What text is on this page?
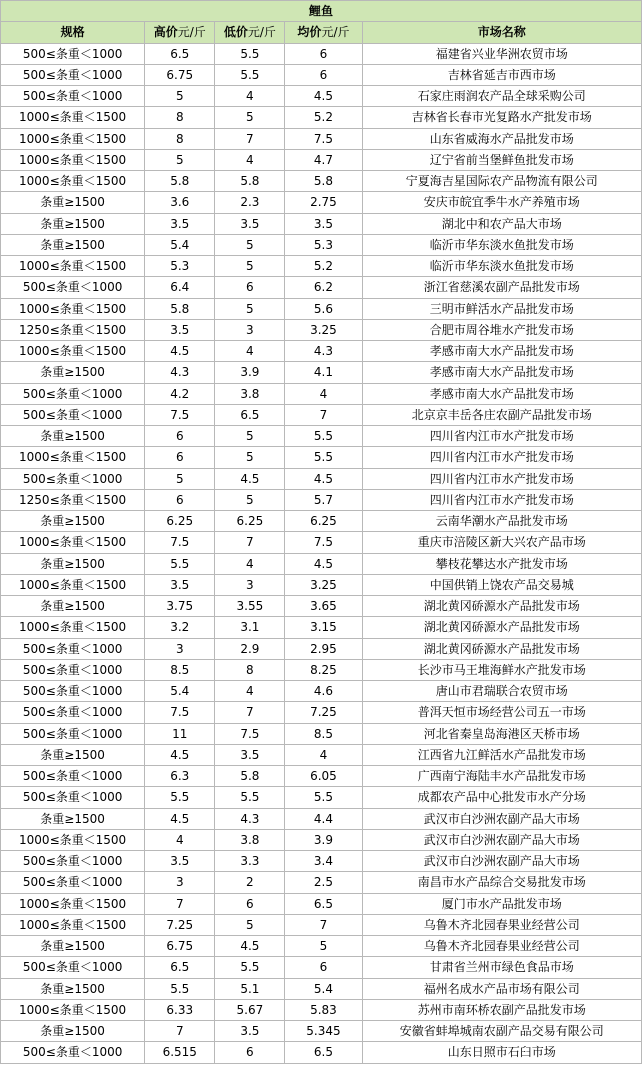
鲤鱼				
规格	高价元/斤	低价元/斤	均价元/斤	市场名称
500≤条重＜1000	6.5	5.5	6	福建省兴业华洲农贸市场
500≤条重＜1000	6.75	5.5	6	吉林省延吉市西市场
500≤条重＜1000	5	4	4.5	石家庄雨润农产品全球采购公司
1000≤条重＜1500	8	5	5.2	吉林省长春市光复路水产批发市场
1000≤条重＜1500	8	7	7.5	山东省威海水产品批发市场
1000≤条重＜1500	5	4	4.7	辽宁省前当堡鲜鱼批发市场
1000≤条重＜1500	5.8	5.8	5.8	宁夏海吉星国际农产品物流有限公司
条重≥1500	3.6	2.3	2.75	安庆市皖宜季牛水产养殖市场
条重≥1500	3.5	3.5	3.5	湖北中和农产品大市场
条重≥1500	5.4	5	5.3	临沂市华东淡水鱼批发市场
1000≤条重＜1500	5.3	5	5.2	临沂市华东淡水鱼批发市场
500≤条重＜1000	6.4	6	6.2	浙江省慈溪农副产品批发市场
1000≤条重＜1500	5.8	5	5.6	三明市鲜活水产品批发市场
1250≤条重＜1500	3.5	3	3.25	合肥市周谷堆水产批发市场
1000≤条重＜1500	4.5	4	4.3	孝感市南大水产品批发市场
条重≥1500	4.3	3.9	4.1	孝感市南大水产品批发市场
500≤条重＜1000	4.2	3.8	4	孝感市南大水产品批发市场
500≤条重＜1000	7.5	6.5	7	北京京丰岳各庄农副产品批发市场
条重≥1500	6	5	5.5	四川省内江市水产批发市场
1000≤条重＜1500	6	5	5.5	四川省内江市水产批发市场
500≤条重＜1000	5	4.5	4.5	四川省内江市水产批发市场
1250≤条重＜1500	6	5	5.7	四川省内江市水产批发市场
条重≥1500	6.25	6.25	6.25	云南华潮水产品批发市场
1000≤条重＜1500	7.5	7	7.5	重庆市涪陵区新大兴农产品市场
条重≥1500	5.5	4	4.5	攀枝花攀达水产批发市场
1000≤条重＜1500	3.5	3	3.25	中国供销上饶农产品交易城
条重≥1500	3.75	3.55	3.65	湖北黄冈硚源水产品批发市场
1000≤条重＜1500	3.2	3.1	3.15	湖北黄冈硚源水产品批发市场
500≤条重＜1000	3	2.9	2.95	湖北黄冈硚源水产品批发市场
500≤条重＜1000	8.5	8	8.25	长沙市马王堆海鲜水产批发市场
500≤条重＜1000	5.4	4	4.6	唐山市君瑞联合农贸市场
500≤条重＜1000	7.5	7	7.25	普洱天恒市场经营公司五一市场
500≤条重＜1000	11	7.5	8.5	河北省秦皇岛海港区天桥市场
条重≥1500	4.5	3.5	4	江西省九江鲜活水产品批发市场
500≤条重＜1000	6.3	5.8	6.05	广西南宁海陆丰水产品批发市场
500≤条重＜1000	5.5	5.5	5.5	成都农产品中心批发市水产分场
条重≥1500	4.5	4.3	4.4	武汉市白沙洲农副产品大市场
1000≤条重＜1500	4	3.8	3.9	武汉市白沙洲农副产品大市场
500≤条重＜1000	3.5	3.3	3.4	武汉市白沙洲农副产品大市场
500≤条重＜1000	3	2	2.5	南昌市水产品综合交易批发市场
1000≤条重＜1500	7	6	6.5	厦门市水产品批发市场
1000≤条重＜1500	7.25	5	7	乌鲁木齐北园春果业经营公司
条重≥1500	6.75	4.5	5	乌鲁木齐北园春果业经营公司
500≤条重＜1000	6.5	5.5	6	甘肃省兰州市绿色食品市场
条重≥1500	5.5	5.1	5.4	福州名成水产品市场有限公司
1000≤条重＜1500	6.33	5.67	5.83	苏州市南环桥农副产品批发市场
条重≥1500	7	3.5	5.345	安徽省蚌埠城南农副产品交易有限公司
500≤条重＜1000	6.515	6	6.5	山东日照市石臼市场
